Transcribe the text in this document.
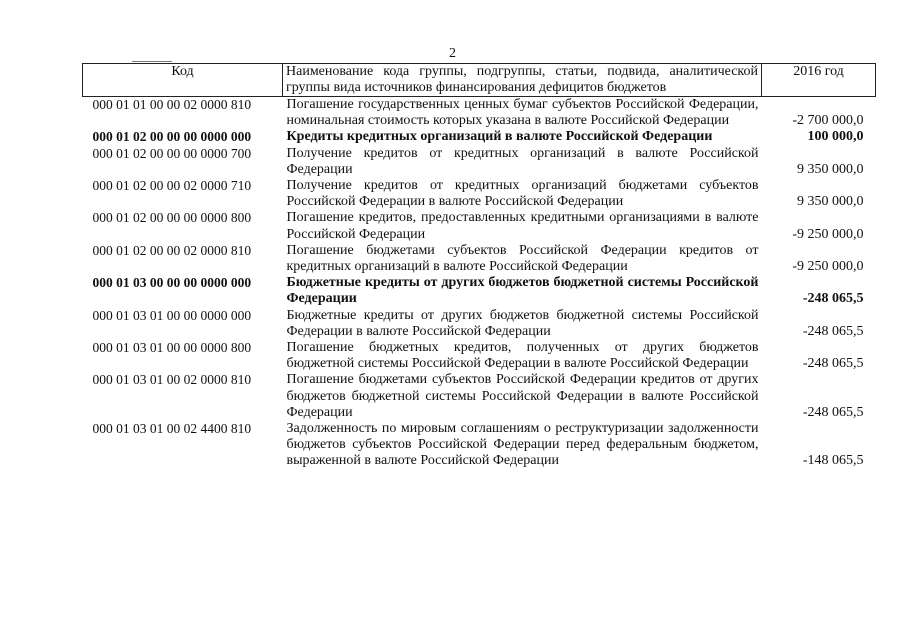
2
Код	Наименование кода группы, подгруппы, статьи, подвида, аналитической группы вида источников финансирования дефицитов бюджетов	2016 год
000 01 01 00 00 02 0000 810	Погашение государственных ценных бумаг субъектов Российской Федерации, номинальная стоимость которых указана в валюте Российской Федерации	-2 700 000,0
000 01 02 00 00 00 0000 000	Кредиты кредитных организаций в валюте Российской Федерации	100 000,0
000 01 02 00 00 00 0000 700	Получение кредитов от кредитных организаций в валюте Российской Федерации	9 350 000,0
000 01 02 00 00 02 0000 710	Получение кредитов от кредитных организаций бюджетами субъектов Российской Федерации в валюте Российской Федерации	9 350 000,0
000 01 02 00 00 00 0000 800	Погашение кредитов, предоставленных кредитными организациями в валюте Российской Федерации	-9 250 000,0
000 01 02 00 00 02 0000 810	Погашение бюджетами субъектов Российской Федерации кредитов от кредитных организаций в валюте Российской Федерации	-9 250 000,0
000 01 03 00 00 00 0000 000	Бюджетные кредиты от других бюджетов бюджетной системы Российской Федерации	-248 065,5
000 01 03 01 00 00 0000 000	Бюджетные кредиты от других бюджетов бюджетной системы Российской Федерации в валюте Российской Федерации	-248 065,5
000 01 03 01 00 00 0000 800	Погашение бюджетных кредитов, полученных от других бюджетов бюджетной системы Российской Федерации в валюте Российской Федерации	-248 065,5
000 01 03 01 00 02 0000 810	Погашение бюджетами субъектов Российской Федерации кредитов от других бюджетов бюджетной системы Российской Федерации в валюте Российской Федерации	-248 065,5
000 01 03 01 00 02 4400 810	Задолженность по мировым соглашениям о реструктуризации задолженности бюджетов субъектов Российской Федерации перед федеральным бюджетом, выраженной в валюте Российской Федерации	-148 065,5
